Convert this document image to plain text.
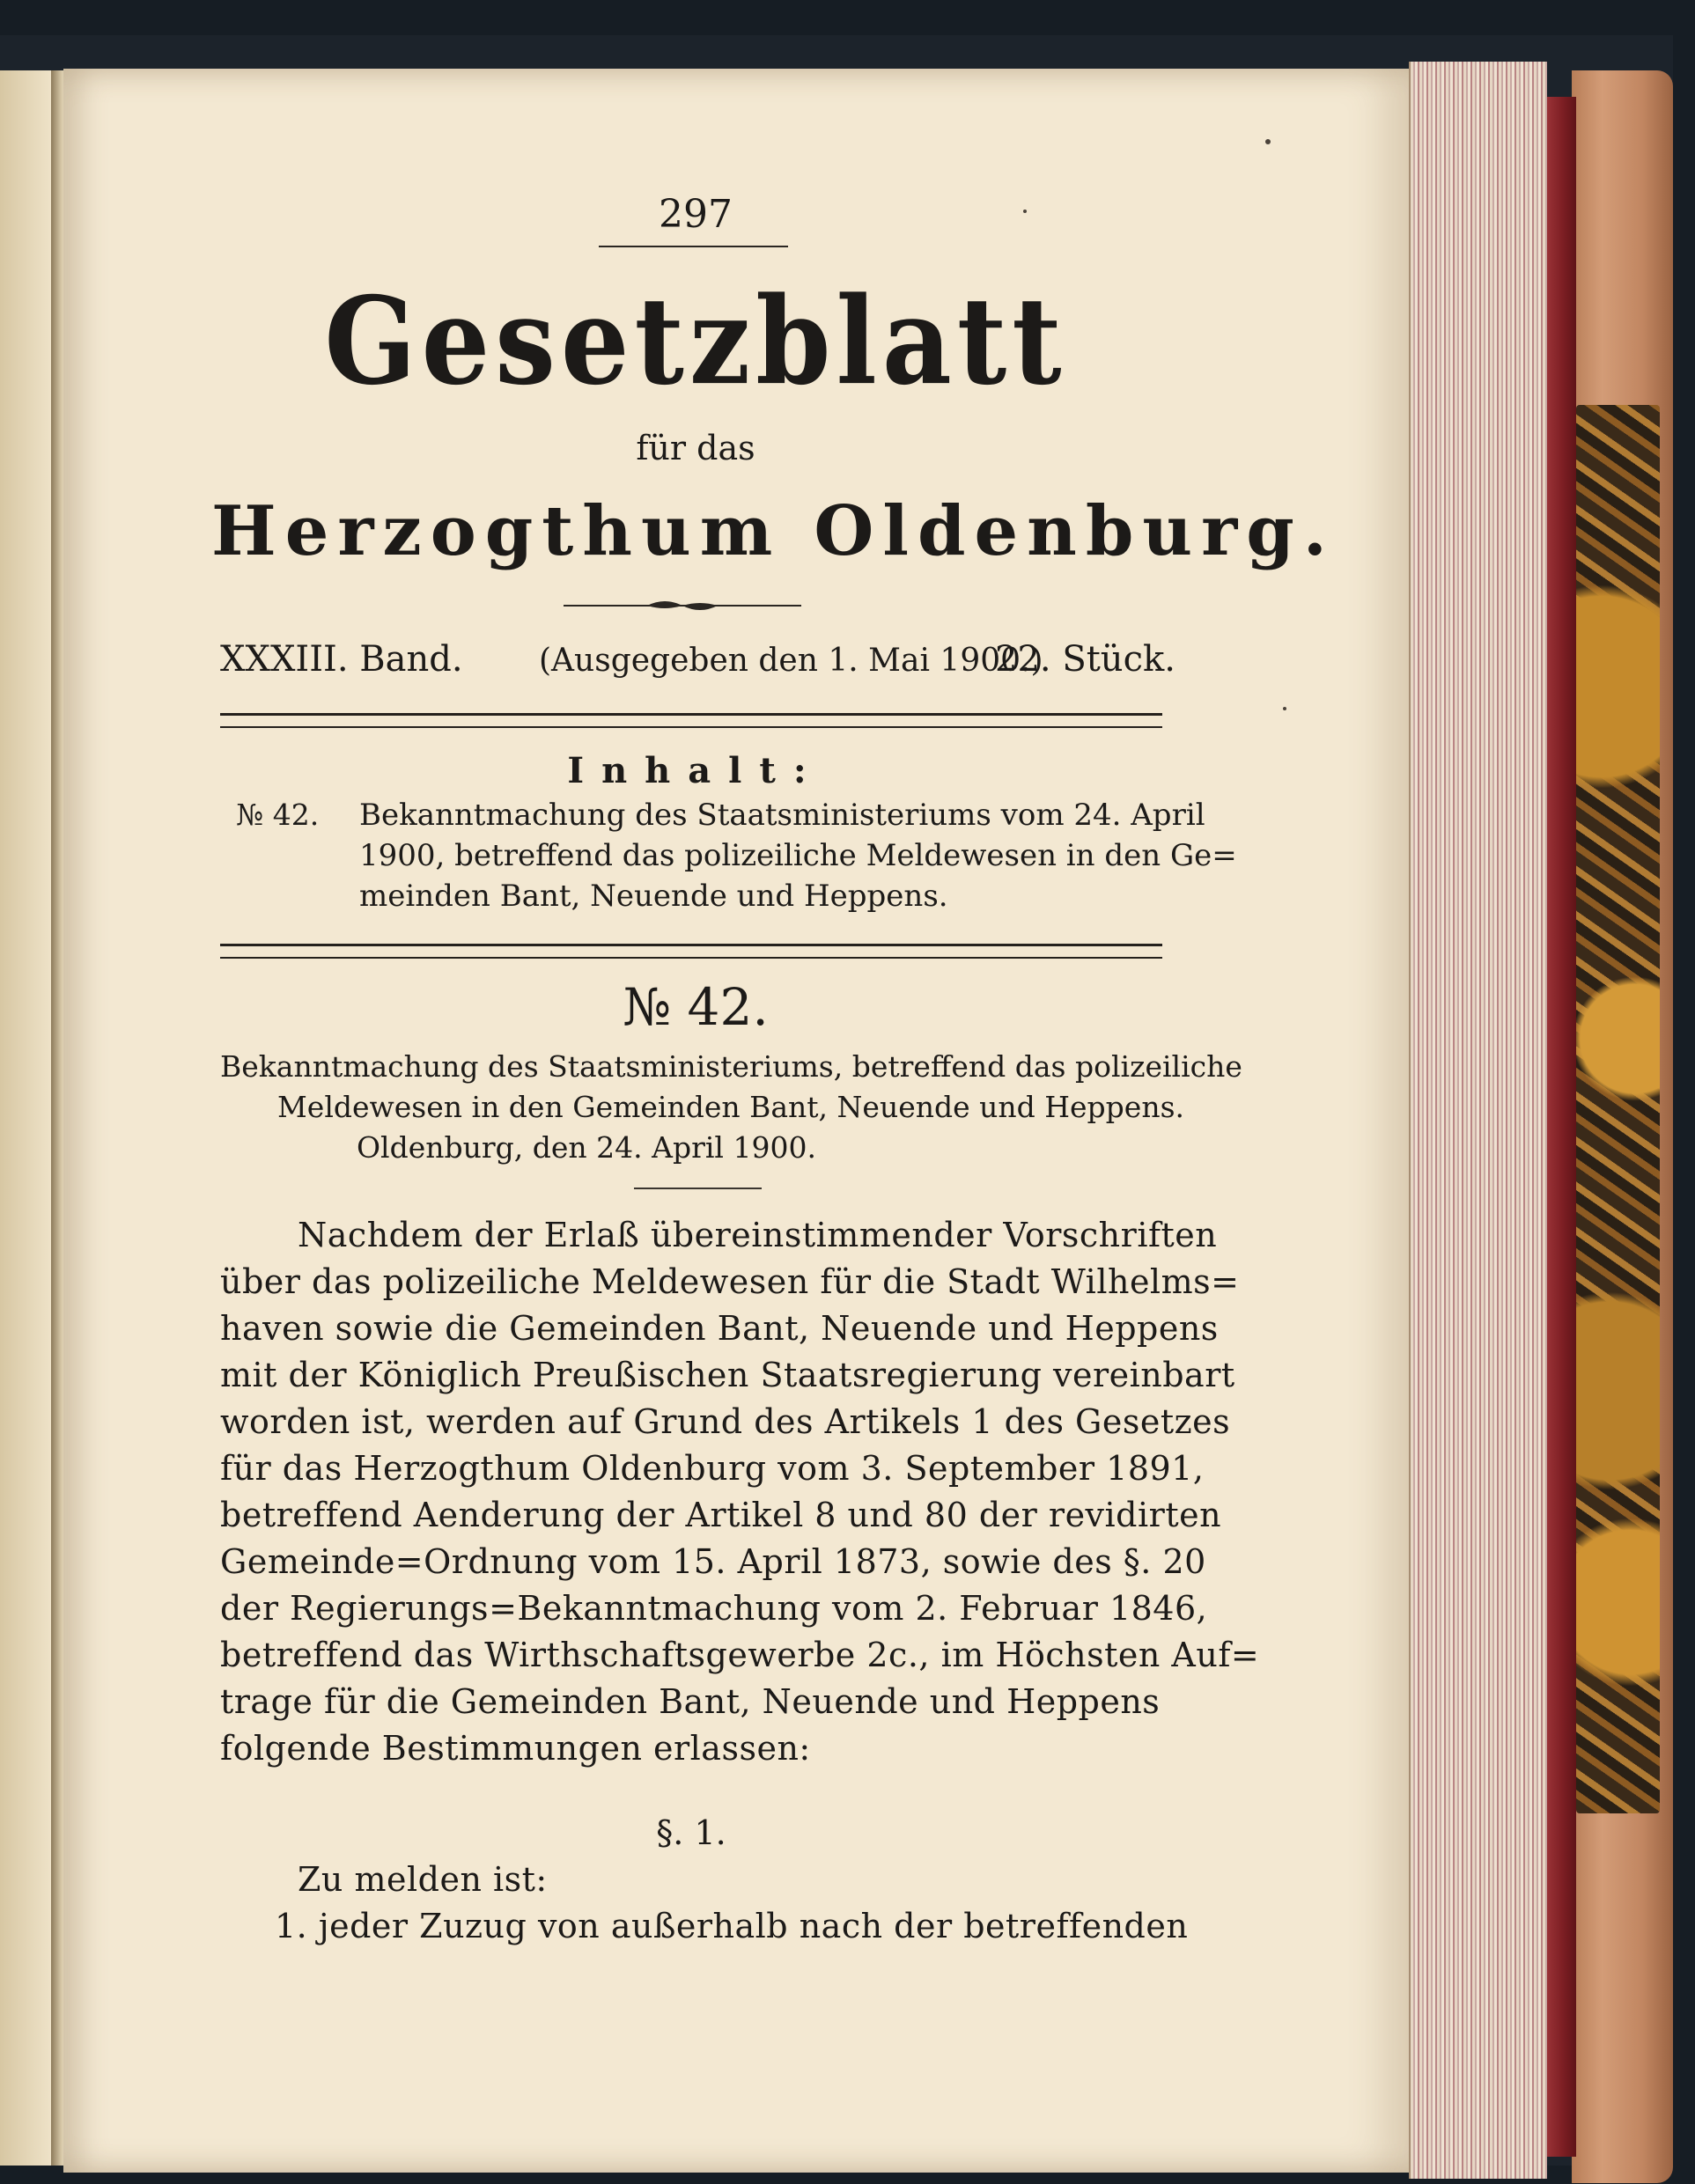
297
Gesetzblatt
für das
Herzogthum Oldenburg.
XXXIII. Band. (Ausgegeben den 1. Mai 1900.)
22. Stück.
Inhalt:
№ 42. Bekanntmachung des Staatsministeriums vom 24. April
1900, betreffend das polizeiliche Meldewesen in den Ge=
meinden Bant, Neuende und Heppens.
№ 42.
Bekanntmachung des Staatsministeriums, betreffend das polizeiliche
Meldewesen in den Gemeinden Bant, Neuende und Heppens.
Oldenburg, den 24. April 1900.
Nachdem der Erlaß übereinstimmender Vorschriften
über das polizeiliche Meldewesen für die Stadt Wilhelms=
haven sowie die Gemeinden Bant, Neuende und Heppens
mit der Königlich Preußischen Staatsregierung vereinbart
worden ist, werden auf Grund des Artikels 1 des Gesetzes
für das Herzogthum Oldenburg vom 3. September 1891,
betreffend Aenderung der Artikel 8 und 80 der revidirten
Gemeinde=Ordnung vom 15. April 1873, sowie des §. 20
der Regierungs=Bekanntmachung vom 2. Februar 1846,
betreffend das Wirthschaftsgewerbe 2c., im Höchsten Auf=
trage für die Gemeinden Bant, Neuende und Heppens
folgende Bestimmungen erlassen:
§. 1.
Zu melden ist:
1. jeder Zuzug von außerhalb nach der betreffenden
